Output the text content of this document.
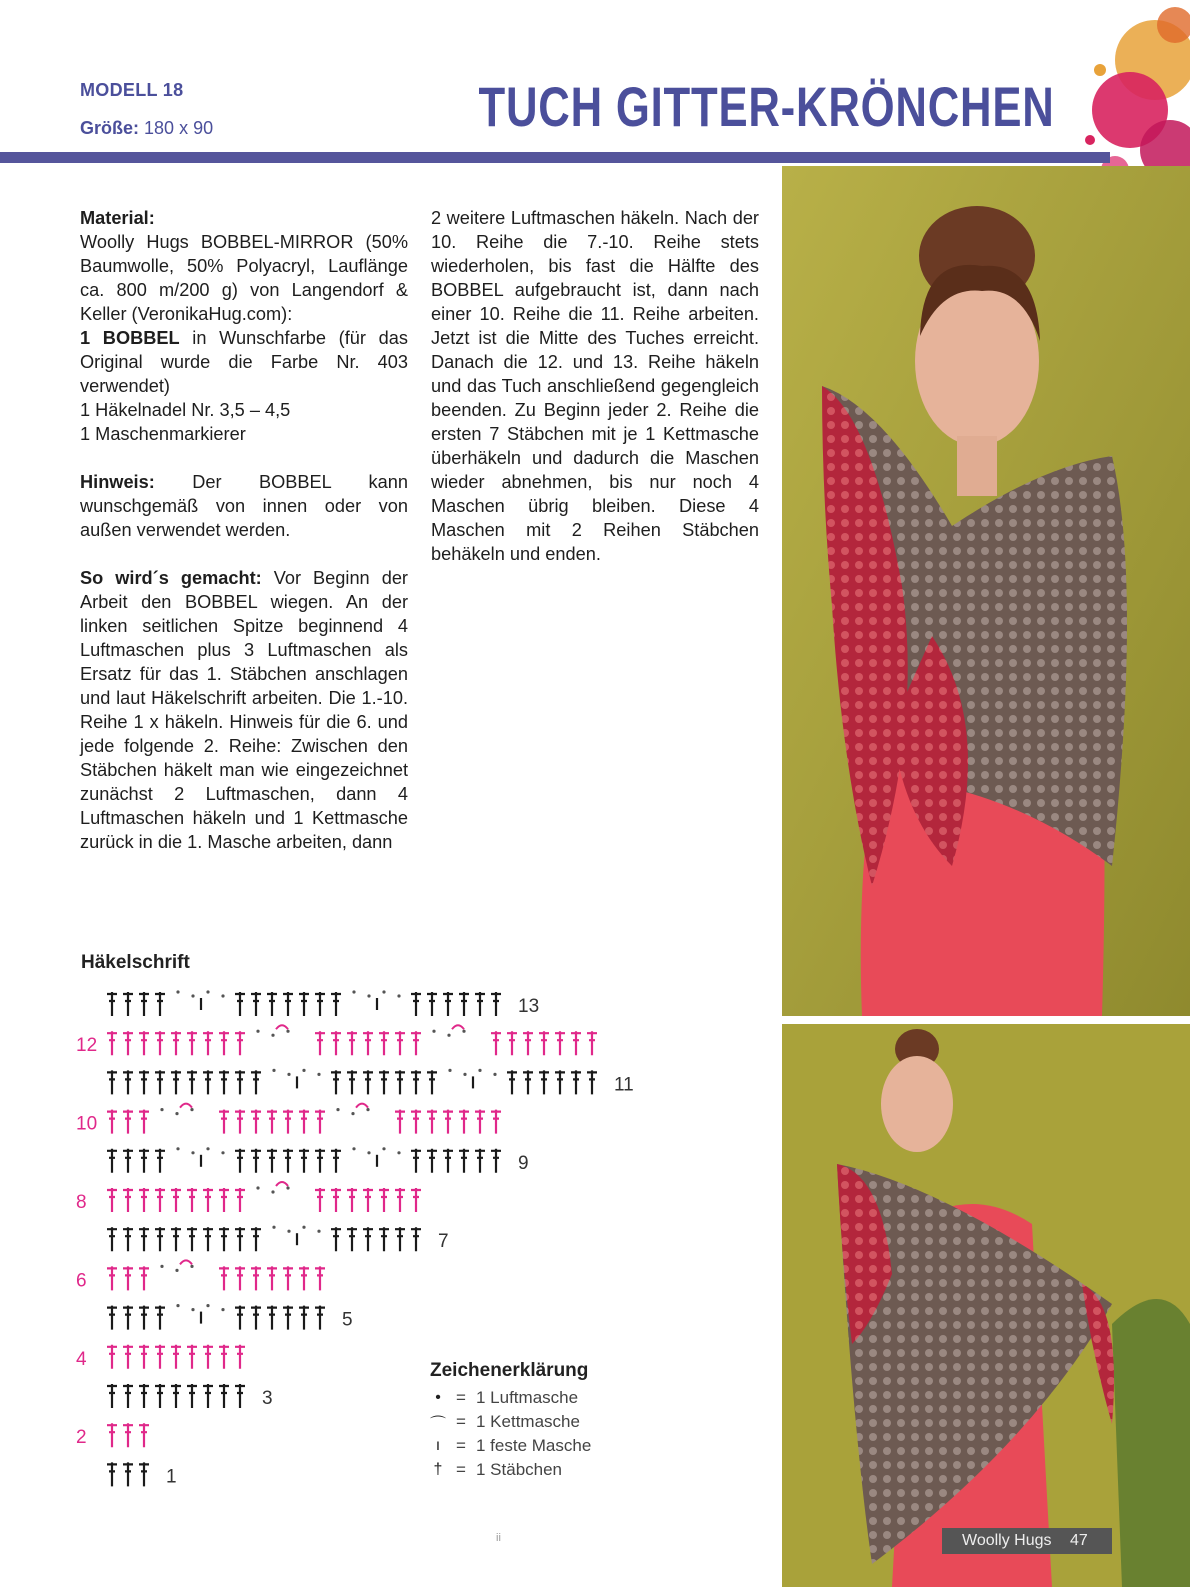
MODELL 18
Größe: 180 x 90	TUCH GITTER-KRÖNCHEN

Material:
Woolly Hugs BOBBEL-MIRROR (50% Baumwolle, 50% Polyacryl, Lauflänge ca. 800 m/200 g) von Langendorf & Keller (VeronikaHug.com):
1 BOBBEL in Wunschfarbe (für das Original wurde die Farbe Nr. 403 verwendet)
1 Häkelnadel Nr. 3,5 – 4,5
1 Maschenmarkierer

Hinweis: Der BOBBEL kann wunschgemäß von innen oder von außen verwendet werden.

So wird´s gemacht: Vor Beginn der Arbeit den BOBBEL wiegen. An der linken seitlichen Spitze beginnend 4 Luftmaschen plus 3 Luftmaschen als Ersatz für das 1. Stäbchen anschlagen und laut Häkelschrift arbeiten. Die 1.-10. Reihe 1 x häkeln. Hinweis für die 6. und jede folgende 2. Reihe: Zwischen den Stäbchen häkelt man wie eingezeichnet zunächst 2 Luftmaschen, dann 4 Luftmaschen häkeln und 1 Kettmasche zurück in die 1. Masche arbeiten, dann

2 weitere Luftmaschen häkeln. Nach der 10. Reihe die 7.-10. Reihe stets wiederholen, bis fast die Hälfte des BOBBEL aufgebraucht ist, dann nach einer 10. Reihe die 11. Reihe arbeiten. Jetzt ist die Mitte des Tuches erreicht. Danach die 12. und 13. Reihe häkeln und das Tuch anschließend gegengleich beenden. Zu Beginn jeder 2. Reihe die ersten 7 Stäbchen mit je 1 Kettmasche überhäkeln und dadurch die Maschen wieder abnehmen, bis nur noch 4 Maschen übrig bleiben. Diese 4 Maschen mit 2 Reihen Stäbchen behäkeln und enden.

Häkelschrift
13
12
11
10
9
8
7
6
5
4
3
2
1
Zeichenerklärung
• = 1 Luftmasche
⌒ = 1 Kettmasche
ı = 1 feste Masche
† = 1 Stäbchen
ii	Woolly Hugs 47
